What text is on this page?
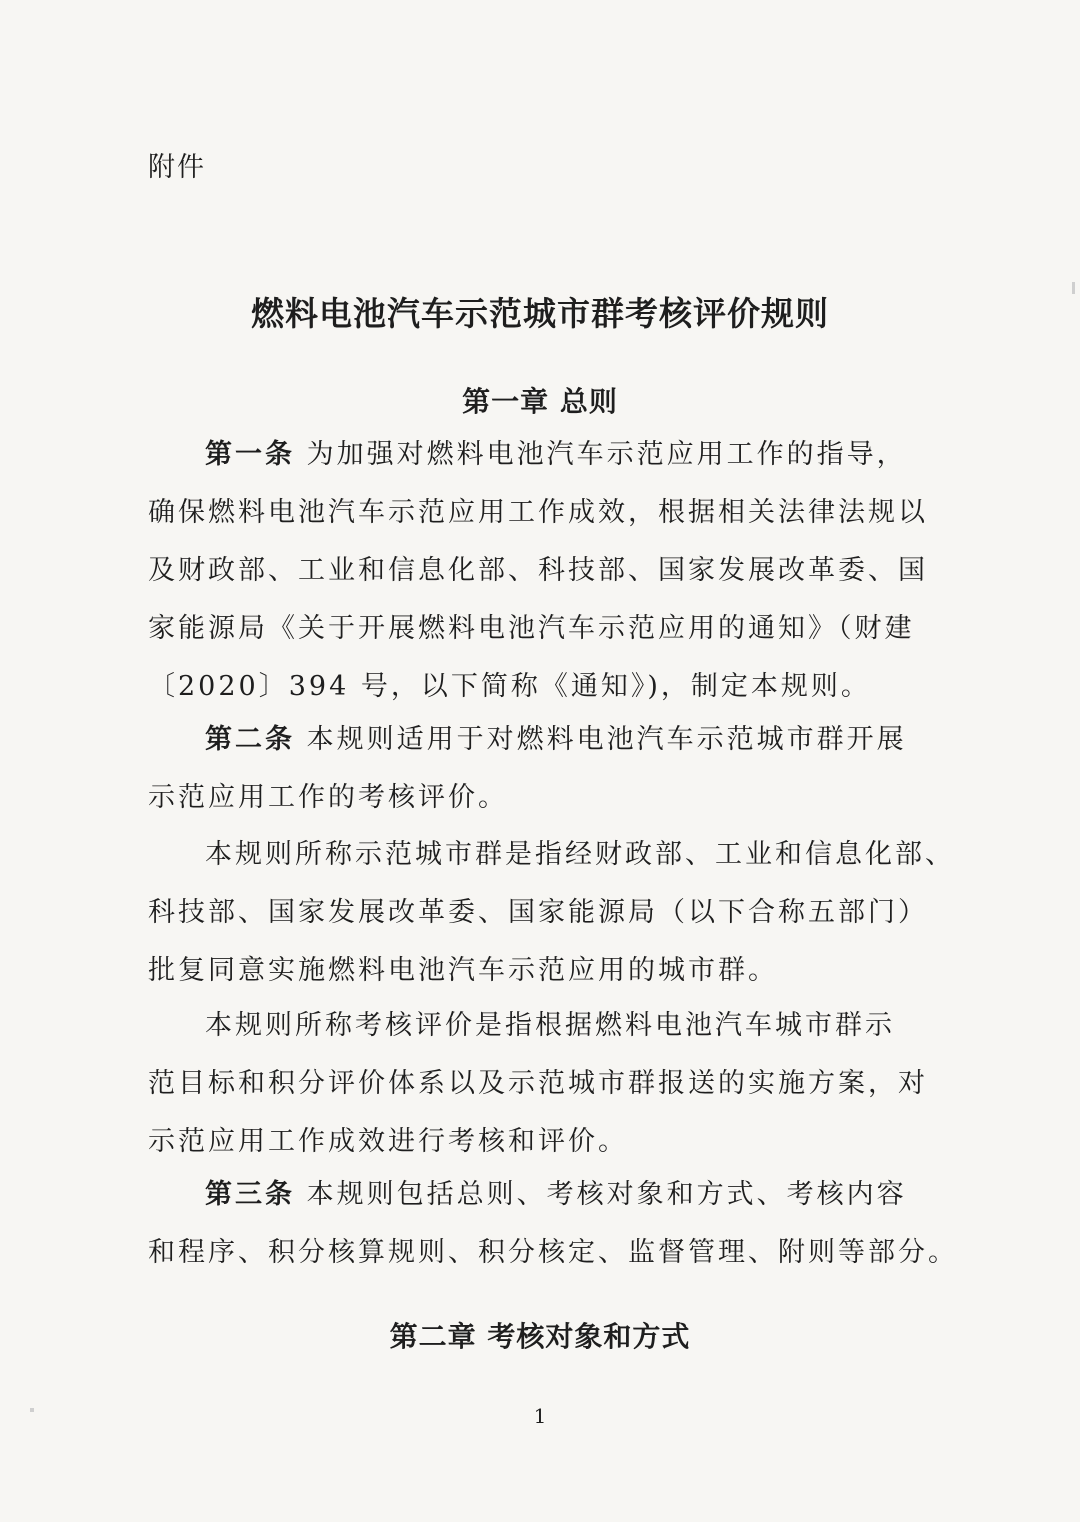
附件
燃料电池汽车示范城市群考核评价规则
第一章 总则
第一条 为加强对燃料电池汽车示范应用工作的指导，
确保燃料电池汽车示范应用工作成效，根据相关法律法规以
及财政部、工业和信息化部、科技部、国家发展改革委、国
家能源局《关于开展燃料电池汽车示范应用的通知》（财建
〔2020〕394 号，以下简称《通知》)，制定本规则。
第二条 本规则适用于对燃料电池汽车示范城市群开展
示范应用工作的考核评价。
本规则所称示范城市群是指经财政部、工业和信息化部、
科技部、国家发展改革委、国家能源局（以下合称五部门）
批复同意实施燃料电池汽车示范应用的城市群。
本规则所称考核评价是指根据燃料电池汽车城市群示
范目标和积分评价体系以及示范城市群报送的实施方案，对
示范应用工作成效进行考核和评价。
第三条 本规则包括总则、考核对象和方式、考核内容
和程序、积分核算规则、积分核定、监督管理、附则等部分。
第二章 考核对象和方式
1
